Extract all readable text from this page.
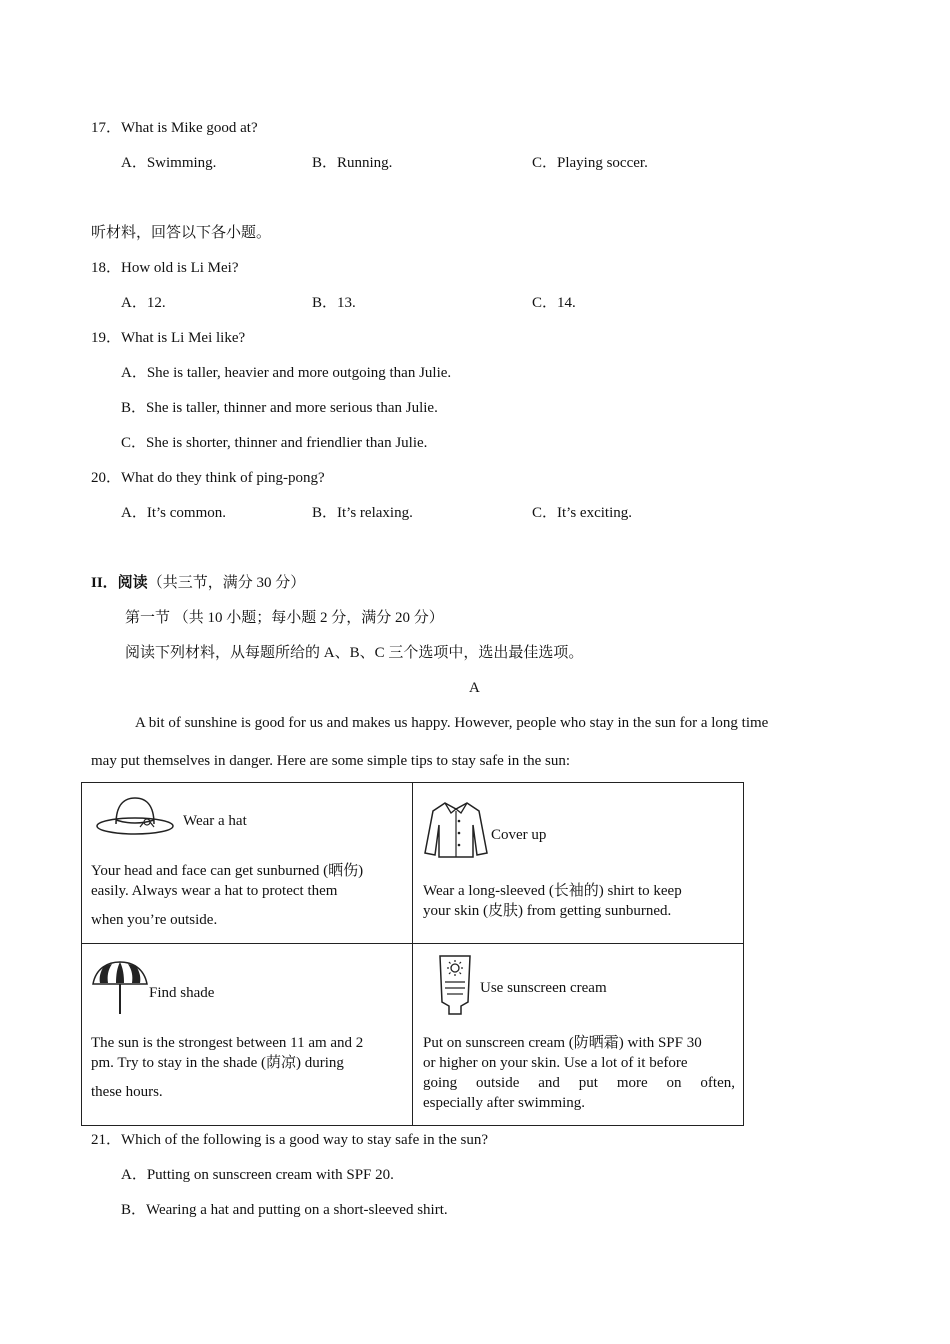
17．What is Mike good at?
A．Swimming.	B．Running.	C．Playing soccer.
听材料，回答以下各小题。
18．How old is Li Mei?
A．12.	B．13.	C．14.
19．What is Li Mei like?
A．She is taller, heavier and more outgoing than Julie.
B．She is taller, thinner and more serious than Julie.
C．She is shorter, thinner and friendlier than Julie.
20．What do they think of ping-pong?
A．It’s common.	B．It’s relaxing.	C．It’s exciting.
II．阅读（共三节，满分 30 分）
第一节 （共 10 小题；每小题 2 分，满分 20 分）
阅读下列材料，从每题所给的 A、B、C 三个选项中，选出最佳选项。
A
A bit of sunshine is good for us and makes us happy. However, people who stay in the sun for a long time
may put themselves in danger. Here are some simple tips to stay safe in the sun:
Wear a hat
Your head and face can get sunburned (晒伤)
easily. Always wear a hat to protect them
when you’re outside.
Cover up
Wear a long-sleeved (长袖的) shirt to keep
your skin (皮肤) from getting sunburned.
Find shade
The sun is the strongest between 11 am and 2
pm. Try to stay in the shade (荫凉) during
these hours.
Use sunscreen cream
Put on sunscreen cream (防晒霜) with SPF 30
or higher on your skin. Use a lot of it before
going outside and put more on often,
especially after swimming.
21．Which of the following is a good way to stay safe in the sun?
A．Putting on sunscreen cream with SPF 20.
B．Wearing a hat and putting on a short-sleeved shirt.
